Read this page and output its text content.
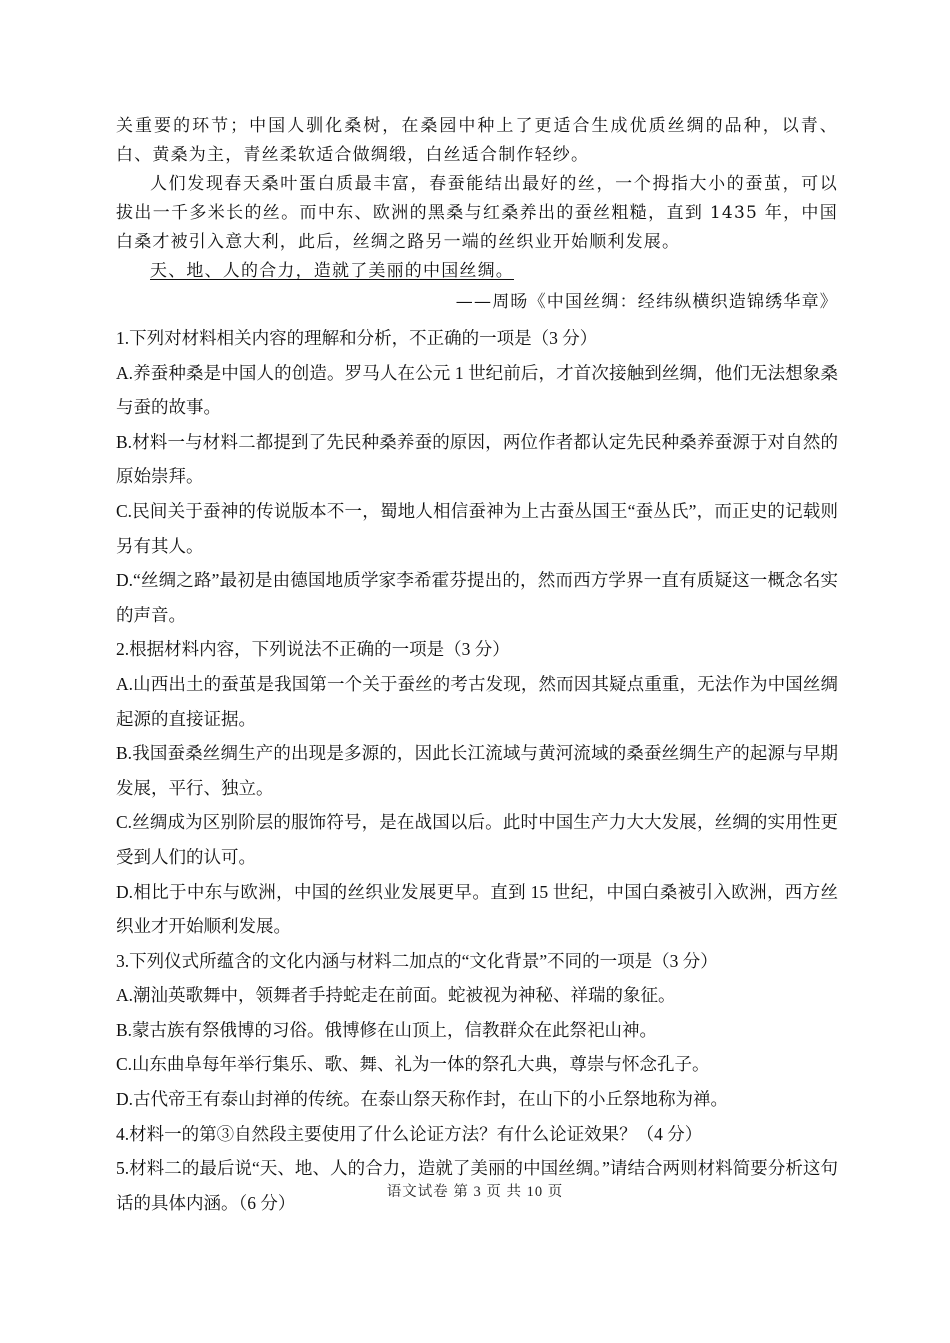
关重要的环节；中国人驯化桑树，在桑园中种上了更适合生成优质丝绸的品种，以青、白、黄桑为主，青丝柔软适合做绸缎，白丝适合制作轻纱。

人们发现春天桑叶蛋白质最丰富，春蚕能结出最好的丝，一个拇指大小的蚕茧，可以拔出一千多米长的丝。而中东、欧洲的黑桑与红桑养出的蚕丝粗糙，直到 1435 年，中国白桑才被引入意大利，此后，丝绸之路另一端的丝织业开始顺利发展。

天、地、人的合力，造就了美丽的中国丝绸。

——周旸《中国丝绸：经纬纵横织造锦绣华章》

1.下列对材料相关内容的理解和分析，不正确的一项是（3 分）

A.养蚕种桑是中国人的创造。罗马人在公元 1 世纪前后，才首次接触到丝绸，他们无法想象桑与蚕的故事。

B.材料一与材料二都提到了先民种桑养蚕的原因，两位作者都认定先民种桑养蚕源于对自然的原始崇拜。

C.民间关于蚕神的传说版本不一，蜀地人相信蚕神为上古蚕丛国王“蚕丛氏”，而正史的记载则另有其人。

D.“丝绸之路”最初是由德国地质学家李希霍芬提出的，然而西方学界一直有质疑这一概念名实的声音。

2.根据材料内容，下列说法不正确的一项是（3 分）

A.山西出土的蚕茧是我国第一个关于蚕丝的考古发现，然而因其疑点重重，无法作为中国丝绸起源的直接证据。

B.我国蚕桑丝绸生产的出现是多源的，因此长江流域与黄河流域的桑蚕丝绸生产的起源与早期发展，平行、独立。

C.丝绸成为区别阶层的服饰符号，是在战国以后。此时中国生产力大大发展，丝绸的实用性更受到人们的认可。

D.相比于中东与欧洲，中国的丝织业发展更早。直到 15 世纪，中国白桑被引入欧洲，西方丝织业才开始顺利发展。

3.下列仪式所蕴含的文化内涵与材料二加点的“文化背景”不同的一项是（3 分）

A.潮汕英歌舞中，领舞者手持蛇走在前面。蛇被视为神秘、祥瑞的象征。

B.蒙古族有祭俄博的习俗。俄博修在山顶上，信教群众在此祭祀山神。

C.山东曲阜每年举行集乐、歌、舞、礼为一体的祭孔大典，尊崇与怀念孔子。

D.古代帝王有泰山封禅的传统。在泰山祭天称作封，在山下的小丘祭地称为禅。

4.材料一的第③自然段主要使用了什么论证方法？有什么论证效果？（4 分）

5.材料二的最后说“天、地、人的合力，造就了美丽的中国丝绸。”请结合两则材料简要分析这句话的具体内涵。（6 分）

语文试卷 第 3 页 共 10 页
